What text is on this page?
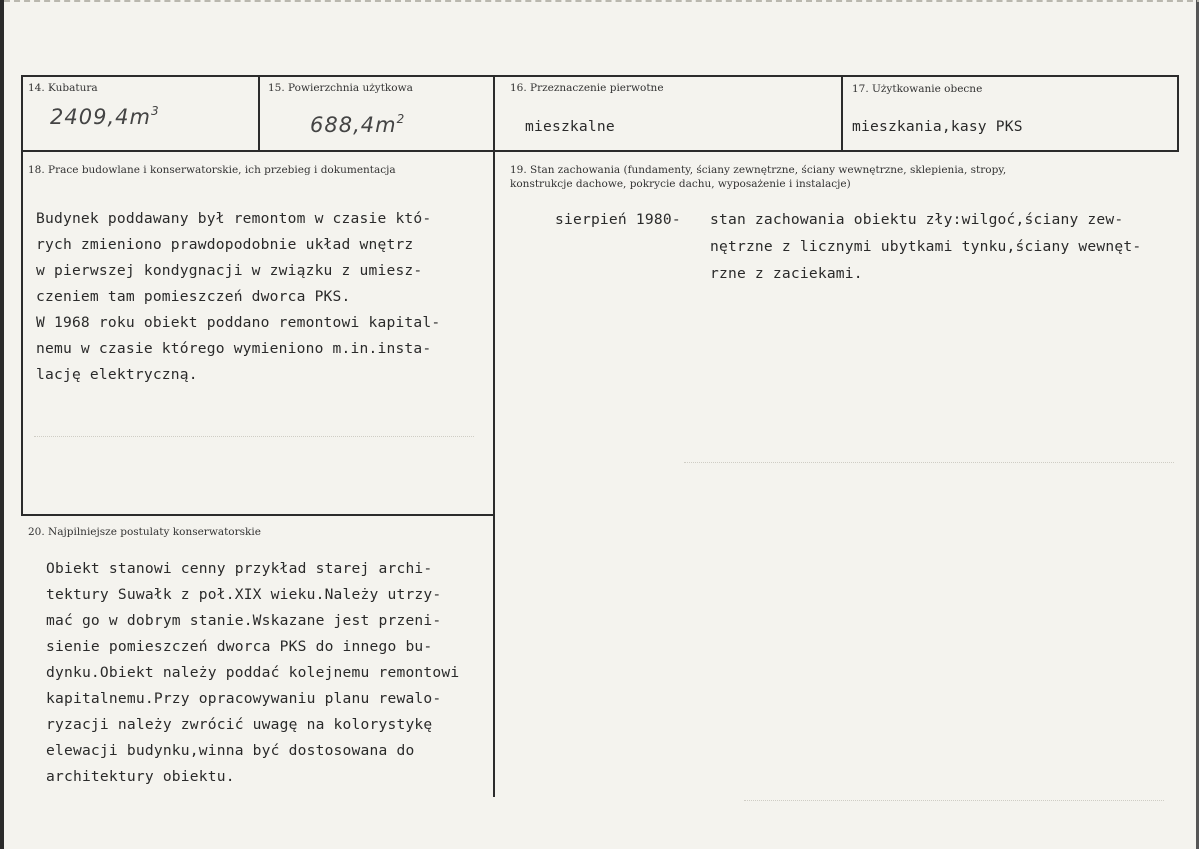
14. Kubatura
$2409,4m^3$
15. Powierzchnia użytkowa
$688,4m^2$
16. Przeznaczenie pierwotne
mieszkalne
17. Użytkowanie obecne
mieszkania,kasy PKS
18. Prace budowlane i konserwatorskie, ich przebieg i dokumentacja
Budynek poddawany był remontom w czasie któ-
rych zmieniono prawdopodobnie układ wnętrz
w pierwszej kondygnacji w związku z umiesz-
czeniem tam pomieszczeń dworca PKS.
W 1968 roku obiekt poddano remontowi kapital-
nemu w czasie którego wymieniono m.in.insta-
lację elektryczną.
19. Stan zachowania (fundamenty, ściany zewnętrzne, ściany wewnętrzne, sklepienia, stropy,
konstrukcje dachowe, pokrycie dachu, wyposażenie i instalacje)
sierpień 1980- stan zachowania obiektu zły:wilgoć,ściany zew-
nętrzne z licznymi ubytkami tynku,ściany wewnęt-
rzne z zaciekami.
20. Najpilniejsze postulaty konserwatorskie
Obiekt stanowi cenny przykład starej archi-
tektury Suwałk z poł.XIX wieku.Należy utrzy-
mać go w dobrym stanie.Wskazane jest przeni-
sienie pomieszczeń dworca PKS do innego bu-
dynku.Obiekt należy poddać kolejnemu remontowi
kapitalnemu.Przy opracowywaniu planu rewalo-
ryzacji należy zwrócić uwagę na kolorystykę
elewacji budynku,winna być dostosowana do
architektury obiektu.
